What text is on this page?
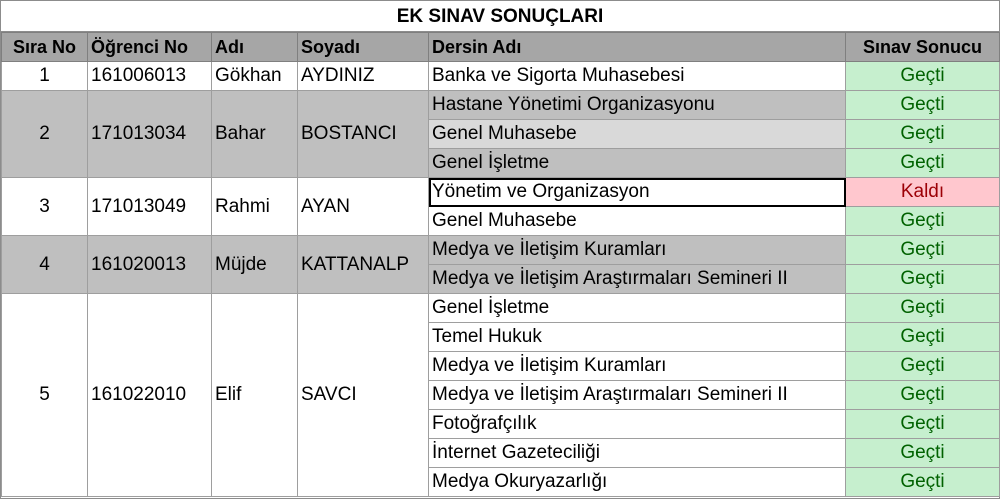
EK SINAV SONUÇLARI
Sıra No	Öğrenci No	Adı	Soyadı	Dersin Adı	Sınav Sonucu
1	161006013	Gökhan	AYDINIZ	Banka ve Sigorta Muhasebesi	Geçti
2	171013034	Bahar	BOSTANCI	Hastane Yönetimi Organizasyonu	Geçti
				Genel Muhasebe	Geçti
				Genel İşletme	Geçti
3	171013049	Rahmi	AYAN	Yönetim ve Organizasyon	Kaldı
				Genel Muhasebe	Geçti
4	161020013	Müjde	KATTANALP	Medya ve İletişim Kuramları	Geçti
				Medya ve İletişim Araştırmaları Semineri II	Geçti
5	161022010	Elif	SAVCI	Genel İşletme	Geçti
				Temel Hukuk	Geçti
				Medya ve İletişim Kuramları	Geçti
				Medya ve İletişim Araştırmaları Semineri II	Geçti
				Fotoğrafçılık	Geçti
				İnternet Gazeteciliği	Geçti
				Medya Okuryazarlığı	Geçti
